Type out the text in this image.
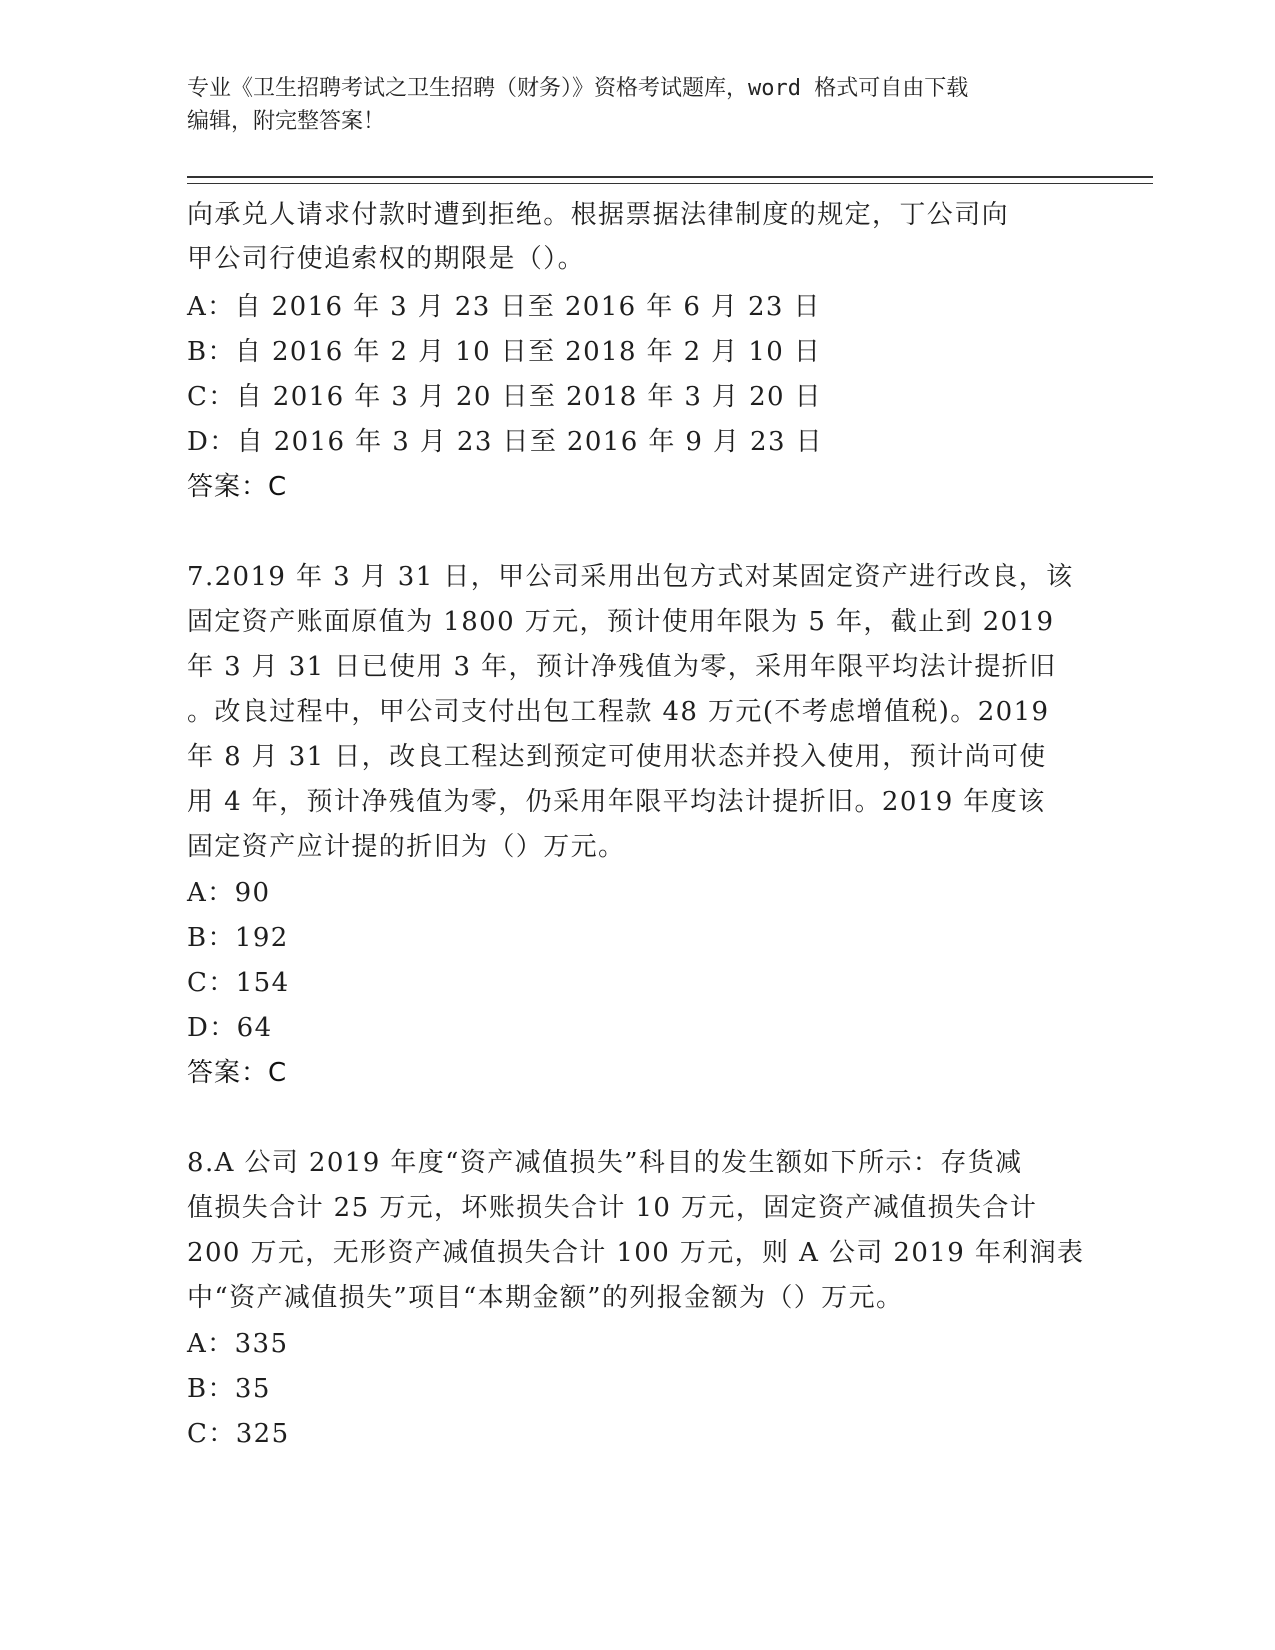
专业《卫生招聘考试之卫生招聘（财务）》资格考试题库，word 格式可自由下载
编辑，附完整答案！
向承兑人请求付款时遭到拒绝。根据票据法律制度的规定，丁公司向
甲公司行使追索权的期限是（）。
A：自 2016 年 3 月 23 日至 2016 年 6 月 23 日
B：自 2016 年 2 月 10 日至 2018 年 2 月 10 日
C：自 2016 年 3 月 20 日至 2018 年 3 月 20 日
D：自 2016 年 3 月 23 日至 2016 年 9 月 23 日
答案：C
7.2019 年 3 月 31 日，甲公司采用出包方式对某固定资产进行改良，该
固定资产账面原值为 1800 万元，预计使用年限为 5 年，截止到 2019
年 3 月 31 日已使用 3 年，预计净残值为零，采用年限平均法计提折旧
。改良过程中，甲公司支付出包工程款 48 万元(不考虑增值税)。2019
年 8 月 31 日，改良工程达到预定可使用状态并投入使用，预计尚可使
用 4 年，预计净残值为零，仍采用年限平均法计提折旧。2019 年度该
固定资产应计提的折旧为（）万元。
A：90
B：192
C：154
D：64
答案：C
8.A 公司 2019 年度“资产减值损失”科目的发生额如下所示：存货减
值损失合计 25 万元，坏账损失合计 10 万元，固定资产减值损失合计
200 万元，无形资产减值损失合计 100 万元，则 A 公司 2019 年利润表
中“资产减值损失”项目“本期金额”的列报金额为（）万元。
A：335
B：35
C：325
